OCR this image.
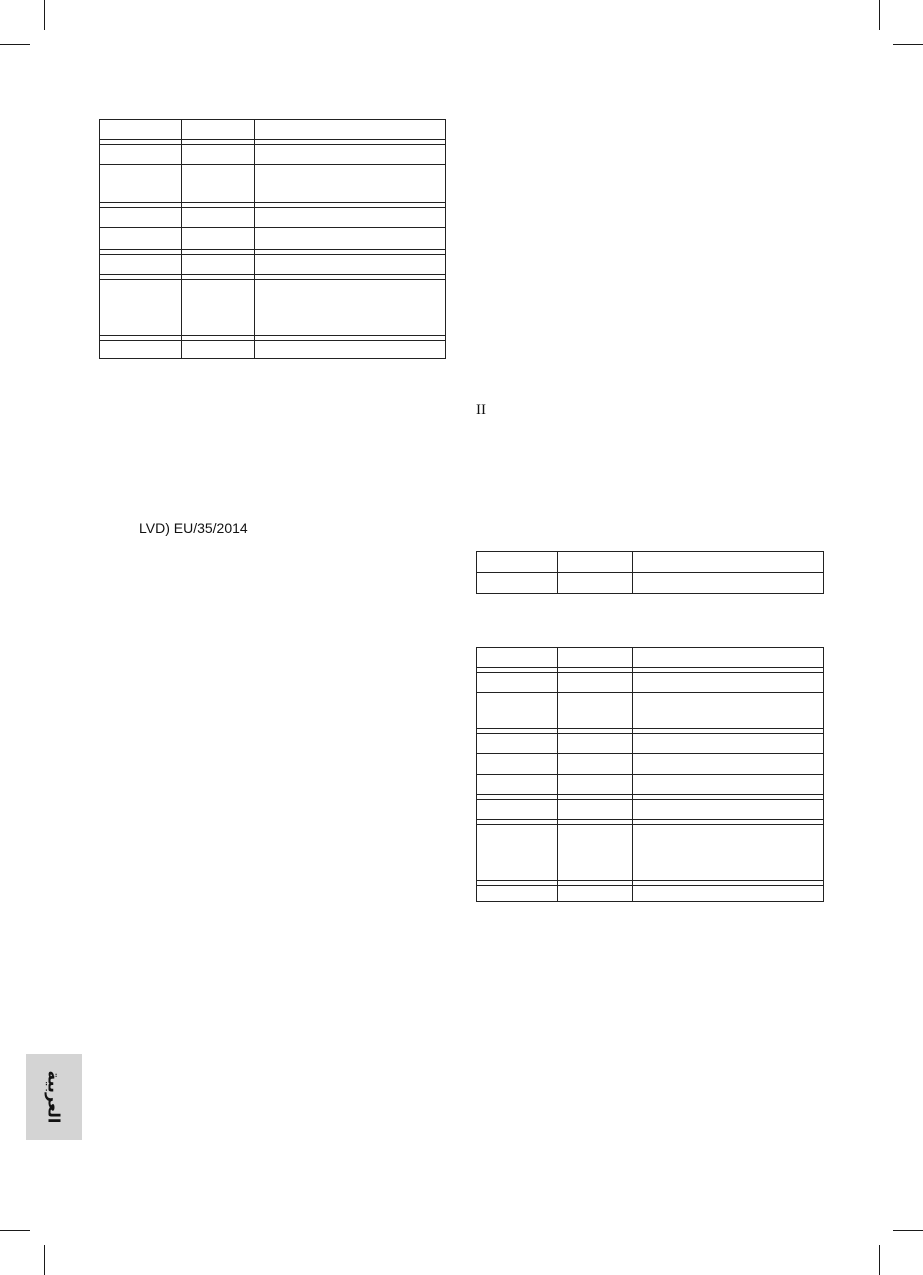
LVD) EU/35/2014
II

العربية
